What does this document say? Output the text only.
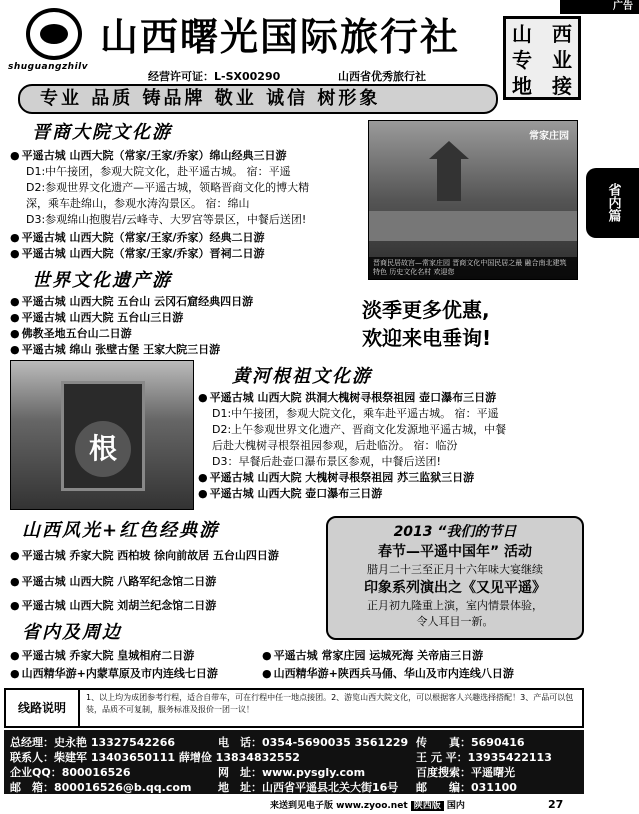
广告
shuguangzhilv
山西曙光国际旅行社
经营许可证：L-SX00290	山西省优秀旅行社
山　西
专　业
地　接
专业 品质 铸品牌 敬业 诚信 树形象
省内篇
晋商大院文化游
● 平遥古城 山西大院（常家/王家/乔家）绵山经典三日游
D1:中午接团，参观大院文化，赴平遥古城。 宿：平遥
D2:参观世界文化遗产—平遥古城，领略晋商文化的博大精
深，乘车赴绵山，参观水涛沟景区。 宿：绵山
D3:参观绵山抱腹岩/云峰寺、大罗宫等景区，中餐后送团!
● 平遥古城 山西大院（常家/王家/乔家）经典二日游
● 平遥古城 山西大院（常家/王家/乔家）晋祠二日游
常家庄园
晋商民居故宫—常家庄园 晋商文化中国民居之最 融合南北建筑特色 历史文化名村 欢迎您
世界文化遗产游
● 平遥古城 山西大院 五台山 云冈石窟经典四日游
● 平遥古城 山西大院 五台山三日游
● 佛教圣地五台山二日游
● 平遥古城 绵山 张壁古堡 王家大院三日游
淡季更多优惠,
欢迎来电垂询!
根
黄河根祖文化游
● 平遥古城 山西大院 洪洞大槐树寻根祭祖园 壶口瀑布三日游
D1:中午接团，参观大院文化，乘车赴平遥古城。 宿：平遥
D2:上午参观世界文化遗产、晋商文化发源地平遥古城，中餐
后赴大槐树寻根祭祖园参观，后赴临汾。 宿：临汾
D3：早餐后赴壶口瀑布景区参观，中餐后送团!
● 平遥古城 山西大院 大槐树寻根祭祖园 苏三监狱三日游
● 平遥古城 山西大院 壶口瀑布三日游
山西风光+红色经典游
● 平遥古城 乔家大院 西柏坡 徐向前故居 五台山四日游
● 平遥古城 山西大院 八路军纪念馆二日游
● 平遥古城 山西大院 刘胡兰纪念馆二日游
2013 “我们的节日
春节—平遥中国年” 活动
腊月二十三至正月十六年味大宴继续
印象系列演出之《又见平遥》
正月初九隆重上演，室内情景体验，
令人耳目一新。
省内及周边
● 平遥古城 乔家大院 皇城相府二日游	● 平遥古城 常家庄园 运城死海 关帝庙三日游
● 山西精华游+内蒙草原及市内连线七日游	● 山西精华游+陕西兵马俑、华山及市内连线八日游
线路说明
1、以上均为成团参考行程，适合自带车，可在行程中任一地点接团。2、游览山西大院文化，可以根据客人兴趣选择搭配！3、产品可以包装，品质不可复制，服务标准及报价一团一议！
总经理：史永艳 13327542266	电　话：0354-5690035 3561229 传　　真：5690416
联系人：柴建军 13403650111 薛增俭 13834832552	王 元 平：13935422113
企业QQ：800016526	网　址：www.pysgly.com	百度搜索：平遥曙光
邮　箱：800016526@b.qq.com 地　址：山西省平遥县北关大街16号 邮　　编：031100
来送到见电子版 www.zyoo.net 陕西版 国内	27
